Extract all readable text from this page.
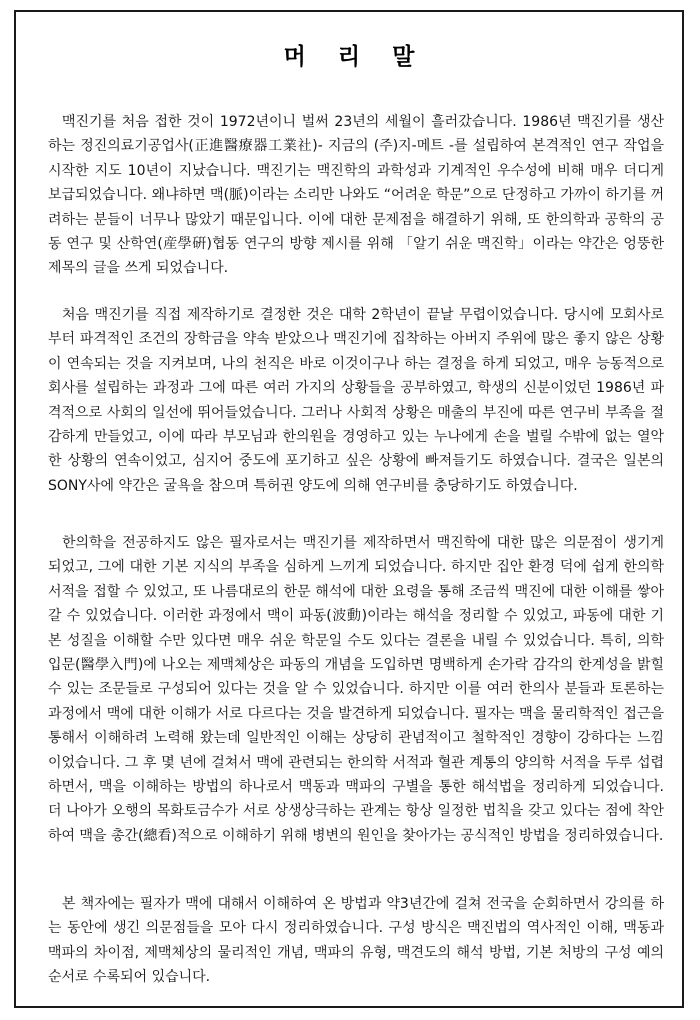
머 리 말

맥진기를 처음 접한 것이 1972년이니 벌써 23년의 세월이 흘러갔습니다. 1986년 맥진기를 생산하는 정진의료기공업사(正進醫療器工業社)- 지금의 (주)지-메트 -를 설립하여 본격적인 연구 작업을 시작한 지도 10년이 지났습니다. 맥진기는 맥진학의 과학성과 기계적인 우수성에 비해 매우 더디게 보급되었습니다. 왜냐하면 맥(脈)이라는 소리만 나와도 “어려운 학문”으로 단정하고 가까이 하기를 꺼려하는 분들이 너무나 많았기 때문입니다. 이에 대한 문제점을 해결하기 위해, 또 한의학과 공학의 공동 연구 및 산학연(産學硏)협동 연구의 방향 제시를 위해 「알기 쉬운 맥진학」이라는 약간은 엉뚱한 제목의 글을 쓰게 되었습니다.

처음 맥진기를 직접 제작하기로 결정한 것은 대학 2학년이 끝날 무렵이었습니다. 당시에 모회사로부터 파격적인 조건의 장학금을 약속 받았으나 맥진기에 집착하는 아버지 주위에 많은 좋지 않은 상황이 연속되는 것을 지켜보며, 나의 천직은 바로 이것이구나 하는 결정을 하게 되었고, 매우 능동적으로 회사를 설립하는 과정과 그에 따른 여러 가지의 상황들을 공부하였고, 학생의 신분이었던 1986년 파격적으로 사회의 일선에 뛰어들었습니다. 그러나 사회적 상황은 매출의 부진에 따른 연구비 부족을 절감하게 만들었고, 이에 따라 부모님과 한의원을 경영하고 있는 누나에게 손을 벌릴 수밖에 없는 열악한 상황의 연속이었고, 심지어 중도에 포기하고 싶은 상황에 빠져들기도 하였습니다. 결국은 일본의 SONY사에 약간은 굴욕을 참으며 특허권 양도에 의해 연구비를 충당하기도 하였습니다.

한의학을 전공하지도 않은 필자로서는 맥진기를 제작하면서 맥진학에 대한 많은 의문점이 생기게 되었고, 그에 대한 기본 지식의 부족을 심하게 느끼게 되었습니다. 하지만 집안 환경 덕에 쉽게 한의학 서적을 접할 수 있었고, 또 나름대로의 한문 해석에 대한 요령을 통해 조금씩 맥진에 대한 이해를 쌓아 갈 수 있었습니다. 이러한 과정에서 맥이 파동(波動)이라는 해석을 정리할 수 있었고, 파동에 대한 기본 성질을 이해할 수만 있다면 매우 쉬운 학문일 수도 있다는 결론을 내릴 수 있었습니다. 특히, 의학입문(醫學入門)에 나오는 제맥체상은 파동의 개념을 도입하면 명백하게 손가락 감각의 한계성을 밝힐 수 있는 조문들로 구성되어 있다는 것을 알 수 있었습니다. 하지만 이를 여러 한의사 분들과 토론하는 과정에서 맥에 대한 이해가 서로 다르다는 것을 발견하게 되었습니다. 필자는 맥을 물리학적인 접근을 통해서 이해하려 노력해 왔는데 일반적인 이해는 상당히 관념적이고 철학적인 경향이 강하다는 느낌이었습니다. 그 후 몇 년에 걸쳐서 맥에 관련되는 한의학 서적과 혈관 계통의 양의학 서적을 두루 섭렵하면서, 맥을 이해하는 방법의 하나로서 맥동과 맥파의 구별을 통한 해석법을 정리하게 되었습니다. 더 나아가 오행의 목화토금수가 서로 상생상극하는 관계는 항상 일정한 법칙을 갖고 있다는 점에 착안하여 맥을 총간(總看)적으로 이해하기 위해 병변의 원인을 찾아가는 공식적인 방법을 정리하였습니다.

본 책자에는 필자가 맥에 대해서 이해하여 온 방법과 약3년간에 걸쳐 전국을 순회하면서 강의를 하는 동안에 생긴 의문점들을 모아 다시 정리하였습니다. 구성 방식은 맥진법의 역사적인 이해, 맥동과 맥파의 차이점, 제맥체상의 물리적인 개념, 맥파의 유형, 맥견도의 해석 방법, 기본 처방의 구성 예의 순서로 수록되어 있습니다.
